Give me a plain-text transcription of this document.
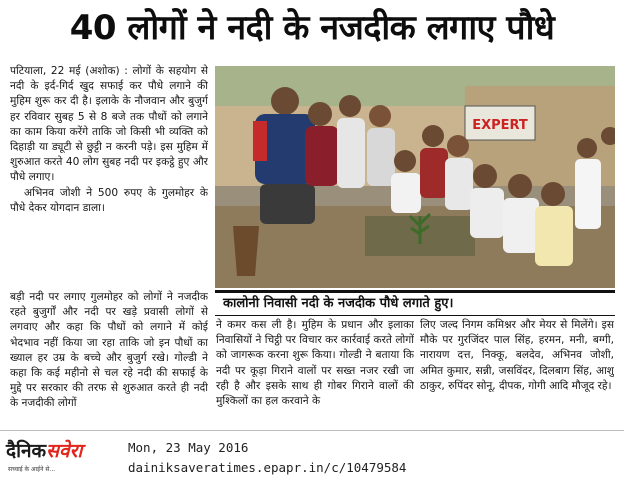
40 लोगों ने नदी के नजदीक लगाए पौधे

पटियाला, 22 मई (अशोक) : लोगों के सहयोग से नदी के इर्द-गिर्द खुद सफाई कर पौधे लगाने की मुहिम शुरू कर दी है। इलाके के नौजवान और बुजुर्ग हर रविवार सुबह 5 से 8 बजे तक पौधों को लगाने का काम किया करेंगे ताकि जो किसी भी व्यक्ति को दिहाड़ी या ड्यूटी से छुट्टी न करनी पड़े। इस मुहिम में शुरुआत करते 40 लोग सुबह नदी पर इकट्ठे हुए और पौधे लगाए।

अभिनव जोशी ने 500 रुपए के गुलमोहर के पौधे देकर योगदान डाला।

EXPERT
कालोनी निवासी नदी के नजदीक पौधे लगाते हुए।

बड़ी नदी पर लगाए गुलमोहर को लोगों ने नजदीक रहते बुजुर्गों और नदी पर खड़े प्रवासी लोगों से लगवाए और कहा कि पौधों को लगाने में कोई भेदभाव नहीं किया जा रहा ताकि जो इन पौधों का ख्याल हर उम्र के बच्चे और बुजुर्ग रखे। गोल्डी ने कहा कि कई महीनो से चल रहे नदी की सफाई के मुद्दे पर सरकार की तरफ से शुरुआत करते ही नदी के नजदीकी लोगों

ने कमर कस ली है। मुहिम के प्रधान और इलाका निवासियों ने चिट्ठी पर विचार कर कार्रवाई करते लोगों को जागरूक करना शुरू किया। गोल्डी ने बताया कि नदी पर कूड़ा गिराने वालों पर सख्त नजर रखी जा रही है और इसके साथ ही गोबर गिराने वालों की मुश्किलों का हल करवाने के

लिए जल्द निगम कमिश्नर और मेयर से मिलेंगे। इस मौके पर गुरजिंदर पाल सिंह, हरमन, मनी, बग्गी, नारायण दत्त, निक्कू, बलदेव, अभिनव जोशी, अमित कुमार, सन्नी, जसविंदर, दिलबाग सिंह, आशु ठाकुर, रुपिंदर सोनू, दीपक, गोगी आदि मौजूद रहे।

दैनिकसवेरा
सच्चाई के आईने से...
Mon, 23 May 2016
dainiksaveratimes.epapr.in/c/10479584
